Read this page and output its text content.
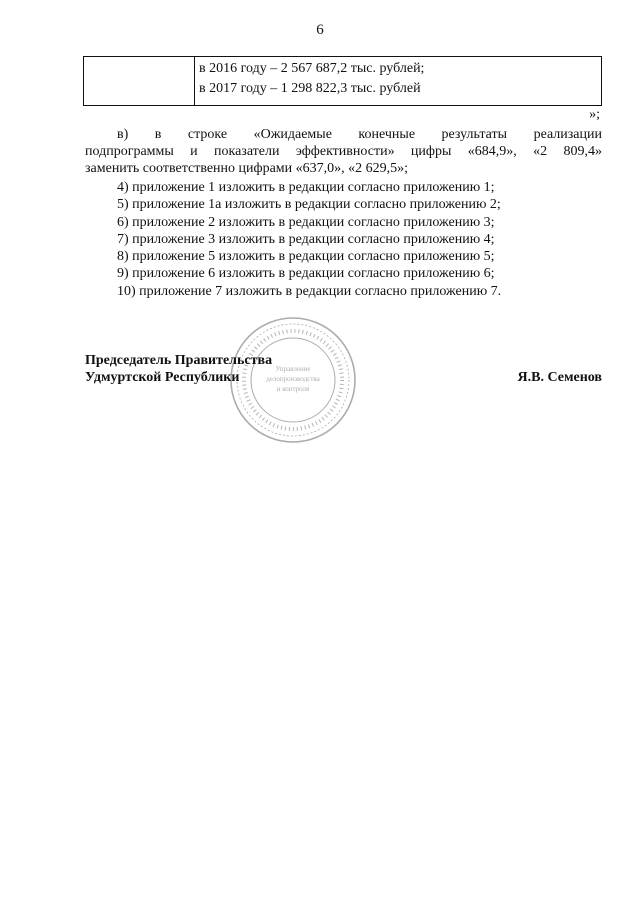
6
в 2016 году – 2 567 687,2 тыс. рублей;
в 2017 году – 1 298 822,3 тыс. рублей
»;
в) в строке «Ожидаемые конечные результаты реализации
подпрограммы и показатели эффективности» цифры «684,9», «2 809,4»
заменить соответственно цифрами «637,0», «2 629,5»;
4) приложение 1 изложить в редакции согласно приложению 1;
5) приложение 1а изложить в редакции согласно приложению 2;
6) приложение 2 изложить в редакции согласно приложению 3;
7) приложение 3 изложить в редакции согласно приложению 4;
8) приложение 5 изложить в редакции согласно приложению 5;
9) приложение 6 изложить в редакции согласно приложению 6;
10) приложение 7 изложить в редакции согласно приложению 7.
Управление
делопроизводства
и контроля
Председатель Правительства
Удмуртской Республики	Я.В. Семенов
